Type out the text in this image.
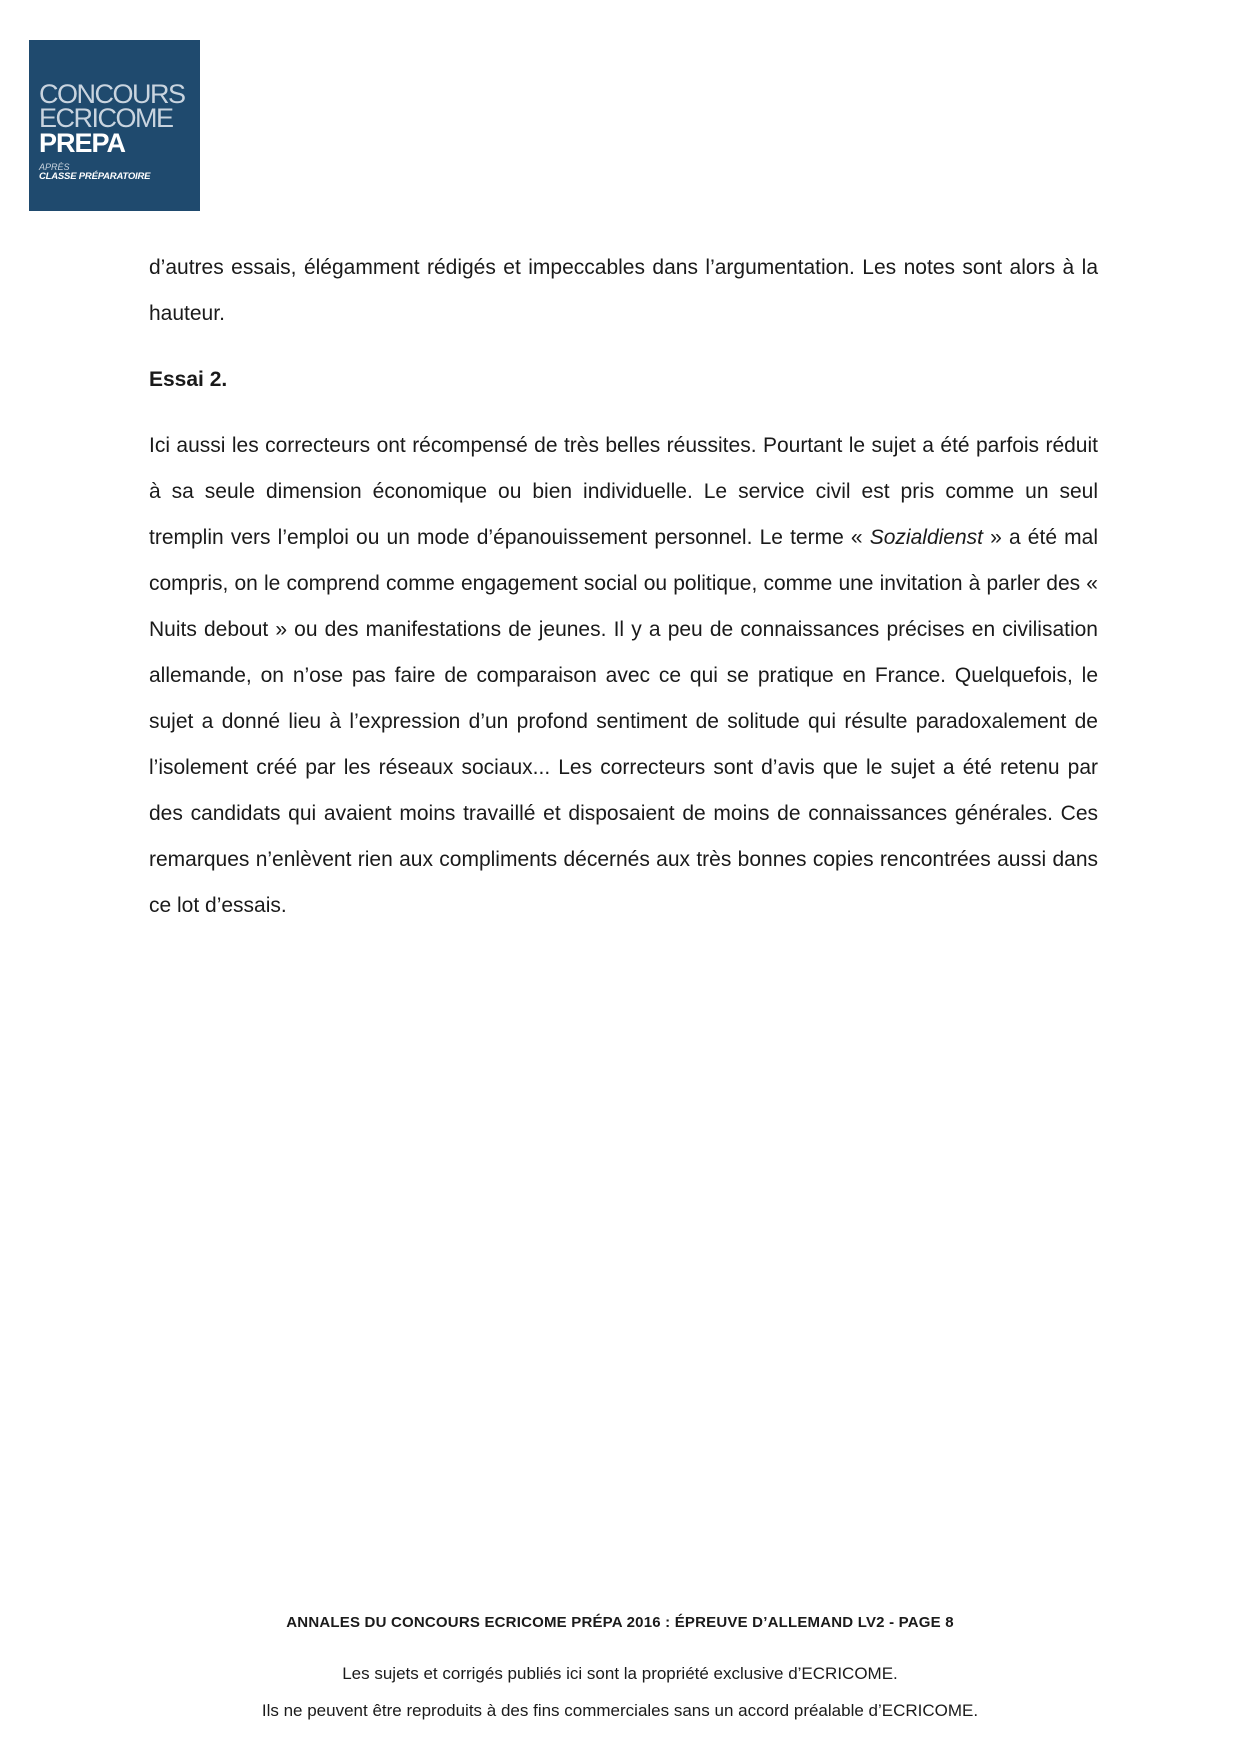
CONCOURS
ECRICOME
PREPA
APRÈS
CLASSE PRÉPARATOIRE

d’autres essais, élégamment rédigés et impeccables dans l’argumentation. Les notes sont alors à la hauteur.

Essai 2.

Ici aussi les correcteurs ont récompensé de très belles réussites. Pourtant le sujet a été parfois réduit à sa seule dimension économique ou bien individuelle. Le service civil est pris comme un seul tremplin vers l’emploi ou un mode d’épanouissement personnel. Le terme « Sozialdienst » a été mal compris, on le comprend comme engagement social ou politique, comme une invitation à parler des « Nuits debout » ou des manifestations de jeunes. Il y a peu de connaissances précises en civilisation allemande, on n’ose pas faire de comparaison avec ce qui se pratique en France. Quelquefois, le sujet a donné lieu à l’expression d’un profond sentiment de solitude qui résulte paradoxalement de l’isolement créé par les réseaux sociaux... Les correcteurs sont d’avis que le sujet a été retenu par des candidats qui avaient moins travaillé et disposaient de moins de connaissances générales. Ces remarques n’enlèvent rien aux compliments décernés aux très bonnes copies rencontrées aussi dans ce lot d’essais.

ANNALES DU CONCOURS ECRICOME PRÉPA 2016 : ÉPREUVE D’ALLEMAND LV2 - PAGE 8
Les sujets et corrigés publiés ici sont la propriété exclusive d’ECRICOME.
Ils ne peuvent être reproduits à des fins commerciales sans un accord préalable d’ECRICOME.
